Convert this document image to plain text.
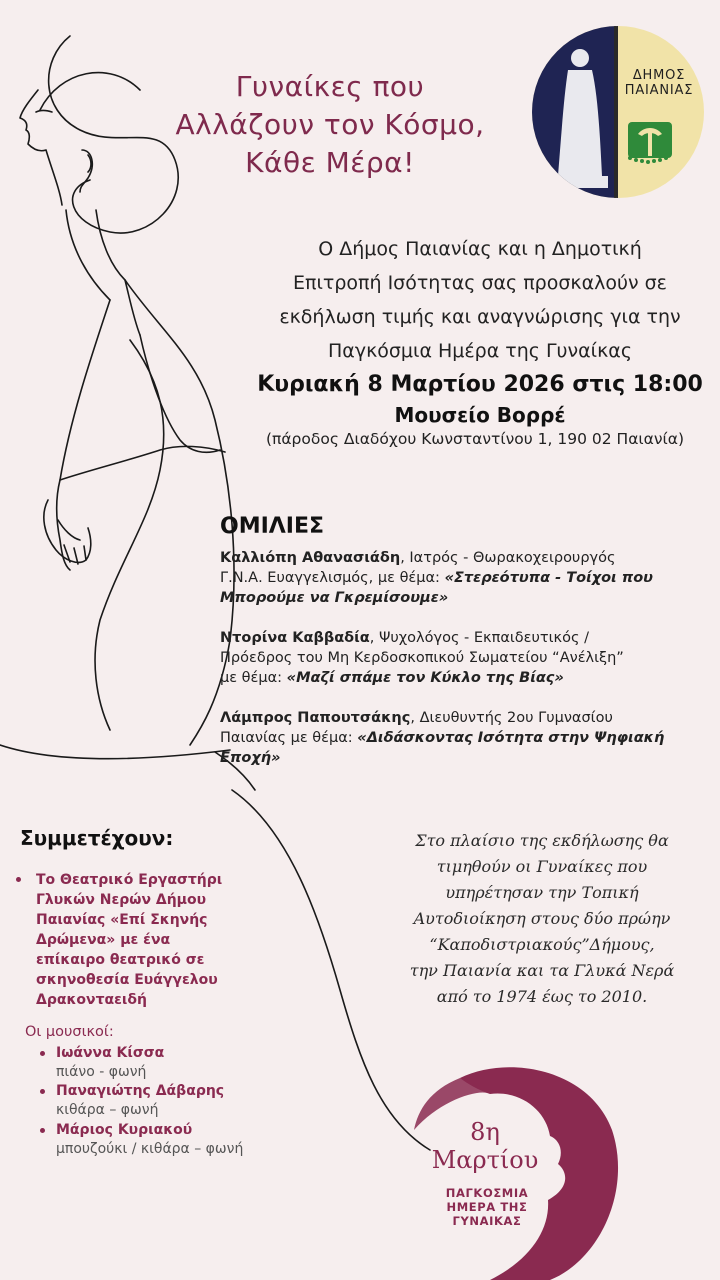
Γυναίκες που
Αλλάζουν τον Κόσμο,
Κάθε Μέρα!
ΔΗΜΟΣ
ΠΑΙΑΝΙΑΣ
Ο Δήμος Παιανίας και η Δημοτική
Επιτροπή Ισότητας σας προσκαλούν σε
εκδήλωση τιμής και αναγνώρισης για την
Παγκόσμια Ημέρα της Γυναίκας
Κυριακή 8 Μαρτίου 2026 στις 18:00
Μουσείο Βορρέ
(πάροδος Διαδόχου Κωνσταντίνου 1, 190 02 Παιανία)
ΟΜΙΛΙΕΣ
Καλλιόπη Αθανασιάδη, Ιατρός - Θωρακοχειρουργός
Γ.Ν.Α. Ευαγγελισμός, με θέμα: «Στερεότυπα - Τοίχοι που
Μπορούμε να Γκρεμίσουμε»
Ντορίνα Καββαδία, Ψυχολόγος - Εκπαιδευτικός /
Πρόεδρος του Μη Κερδοσκοπικού Σωματείου “Ανέλιξη”
με θέμα: «Μαζί σπάμε τον Κύκλο της Βίας»
Λάμπρος Παπουτσάκης, Διευθυντής 2ου Γυμνασίου
Παιανίας με θέμα: «Διδάσκοντας Ισότητα στην Ψηφιακή
Εποχή»
Συμμετέχουν:
Το Θεατρικό Εργαστήρι
Γλυκών Νερών Δήμου
Παιανίας «Επί Σκηνής
Δρώμενα» με ένα
επίκαιρο θεατρικό σε
σκηνοθεσία Ευάγγελου
Δρακονταειδή
Οι μουσικοί:
Ιωάννα Κίσσα
πιάνο - φωνή
Παναγιώτης Δάβαρης
κιθάρα – φωνή
Μάριος Κυριακού
μπουζούκι / κιθάρα – φωνή
Στο πλαίσιο της εκδήλωσης θα
τιμηθούν οι Γυναίκες που
υπηρέτησαν την Τοπική
Αυτοδιοίκηση στους δύο πρώην
“Καποδιστριακούς”Δήμους,
την Παιανία και τα Γλυκά Νερά
από το 1974 έως το 2010.
8η
Μαρτίου
ΠΑΓΚΟΣΜΙΑ
ΗΜΕΡΑ ΤΗΣ
ΓΥΝΑΙΚΑΣ
